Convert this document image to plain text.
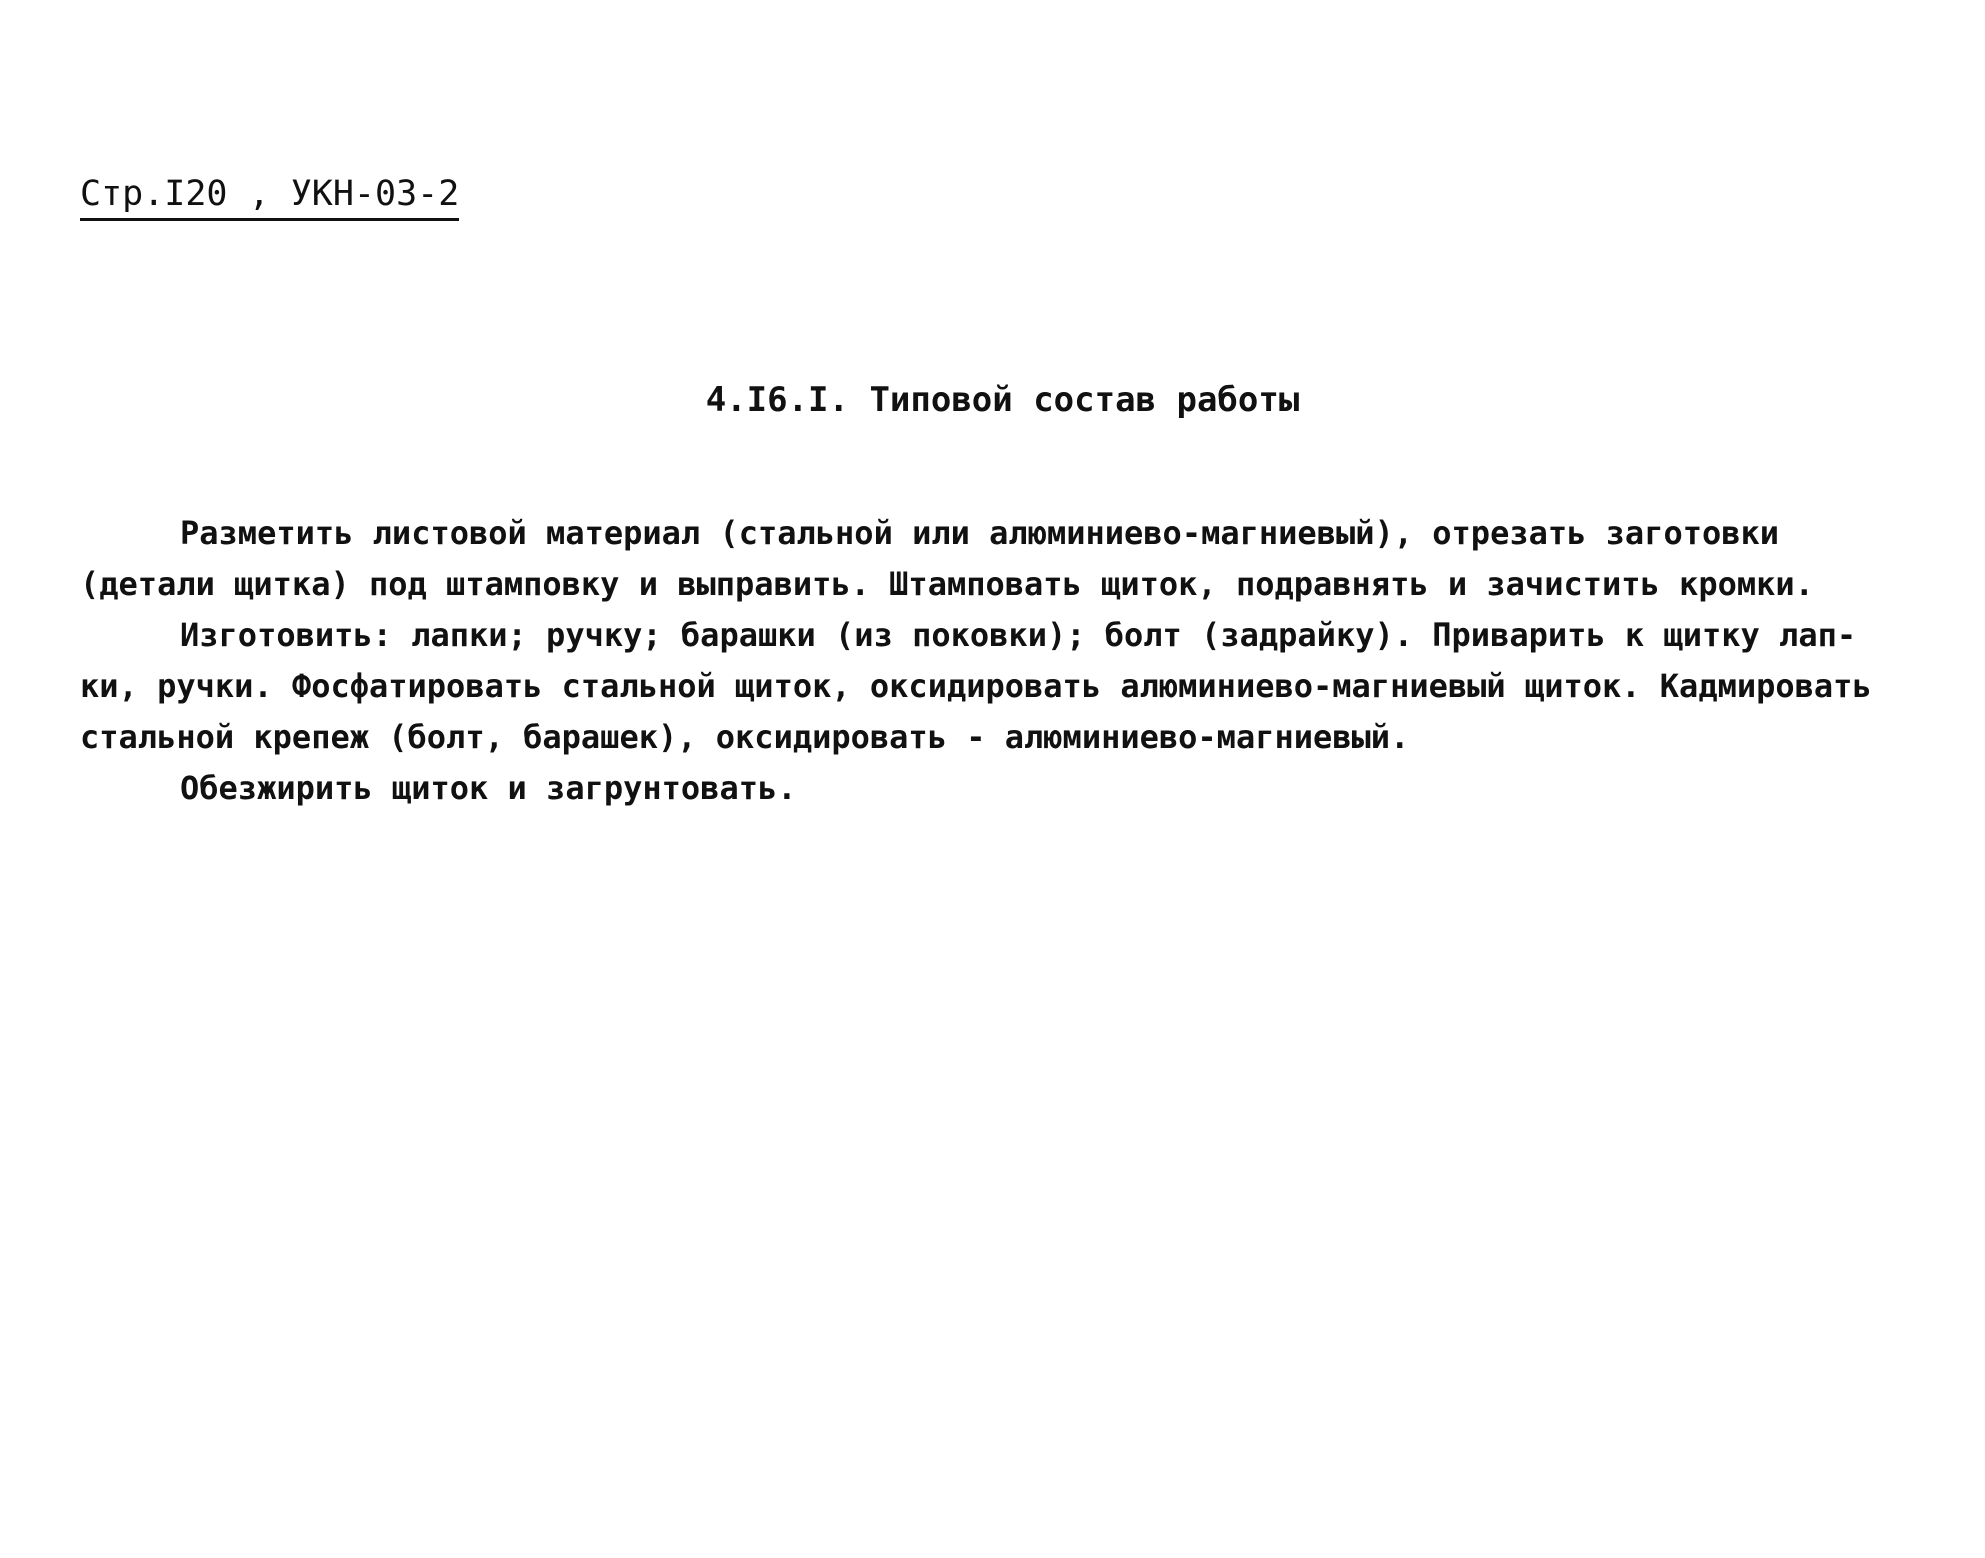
Стр.I20 , УКН-03-2
4.I6.I. Типовой состав работы
Разметить листовой материал (стальной или алюминиево-магниевый), отрезать заготовки
(детали щитка) под штамповку и выправить. Штамповать щиток, подравнять и зачистить кромки.
Изготовить: лапки; ручку; барашки (из поковки); болт (задрайку). Приварить к щитку лап-
ки, ручки. Фосфатировать стальной щиток, оксидировать алюминиево-магниевый щиток. Кадмировать
стальной крепеж (болт, барашек), оксидировать - алюминиево-магниевый.
Обезжирить щиток и загрунтовать.
